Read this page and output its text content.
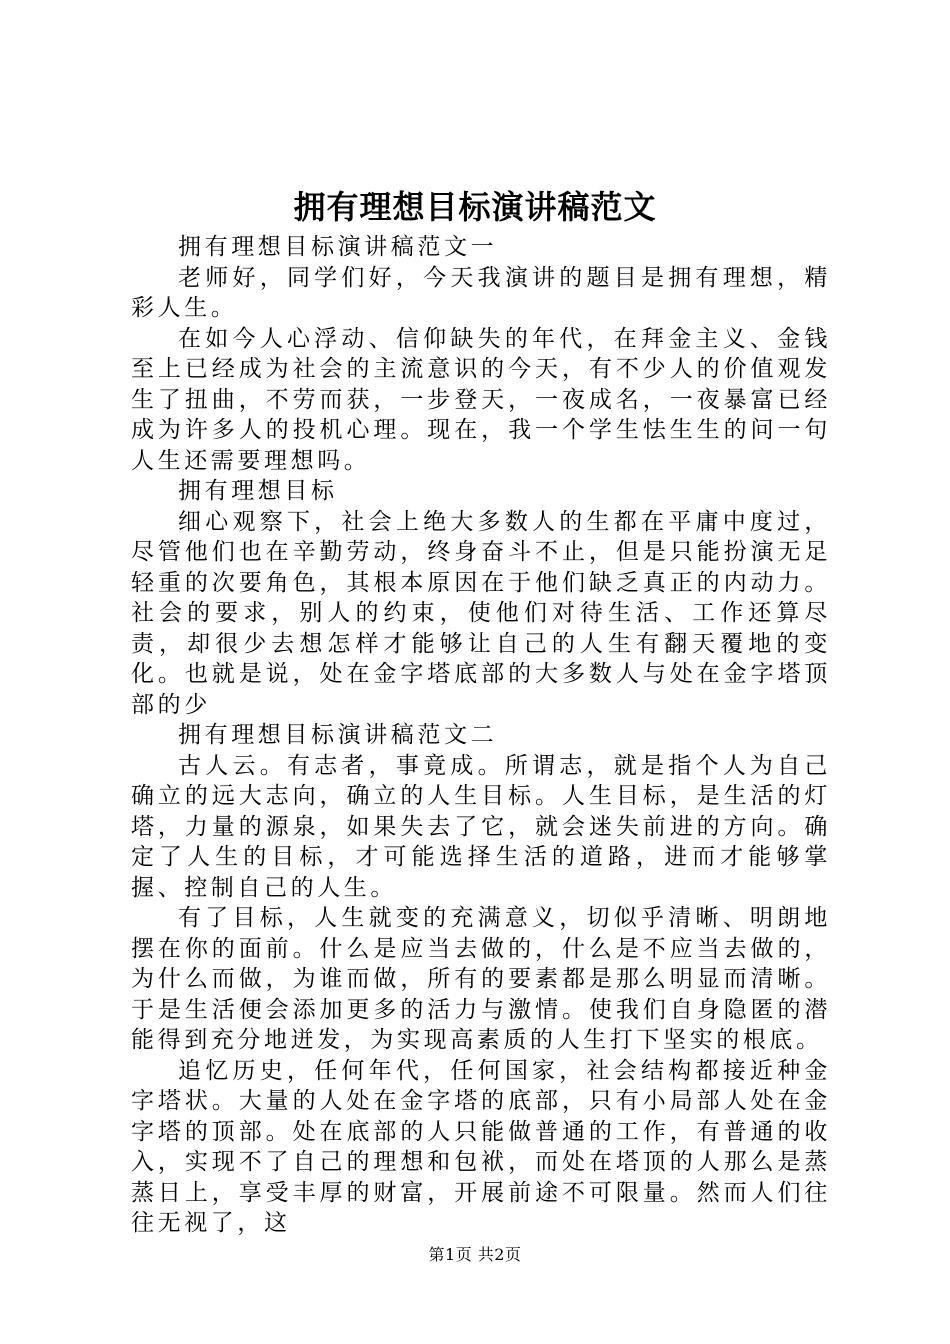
拥有理想目标演讲稿范文

拥有理想目标演讲稿范文一

老师好，同学们好，今天我演讲的题目是拥有理想，精彩人生。

在如今人心浮动、信仰缺失的年代，在拜金主义、金钱至上已经成为社会的主流意识的今天，有不少人的价值观发生了扭曲，不劳而获，一步登天，一夜成名，一夜暴富已经成为许多人的投机心理。现在，我一个学生怯生生的问一句人生还需要理想吗。

拥有理想目标

细心观察下，社会上绝大多数人的生都在平庸中度过，尽管他们也在辛勤劳动，终身奋斗不止，但是只能扮演无足轻重的次要角色，其根本原因在于他们缺乏真正的内动力。社会的要求，别人的约束，使他们对待生活、工作还算尽责，却很少去想怎样才能够让自己的人生有翻天覆地的变化。也就是说，处在金字塔底部的大多数人与处在金字塔顶部的少

拥有理想目标演讲稿范文二

古人云。有志者，事竟成。所谓志，就是指个人为自己确立的远大志向，确立的人生目标。人生目标，是生活的灯塔，力量的源泉，如果失去了它，就会迷失前进的方向。确定了人生的目标，才可能选择生活的道路，进而才能够掌握、控制自己的人生。

有了目标，人生就变的充满意义，切似乎清晰、明朗地摆在你的面前。什么是应当去做的，什么是不应当去做的，为什么而做，为谁而做，所有的要素都是那么明显而清晰。于是生活便会添加更多的活力与激情。使我们自身隐匿的潜能得到充分地迸发，为实现高素质的人生打下坚实的根底。

追忆历史，任何年代，任何国家，社会结构都接近种金字塔状。大量的人处在金字塔的底部，只有小局部人处在金字塔的顶部。处在底部的人只能做普通的工作，有普通的收入，实现不了自己的理想和包袱，而处在塔顶的人那么是蒸蒸日上，享受丰厚的财富，开展前途不可限量。然而人们往往无视了，这

第1页 共2页
